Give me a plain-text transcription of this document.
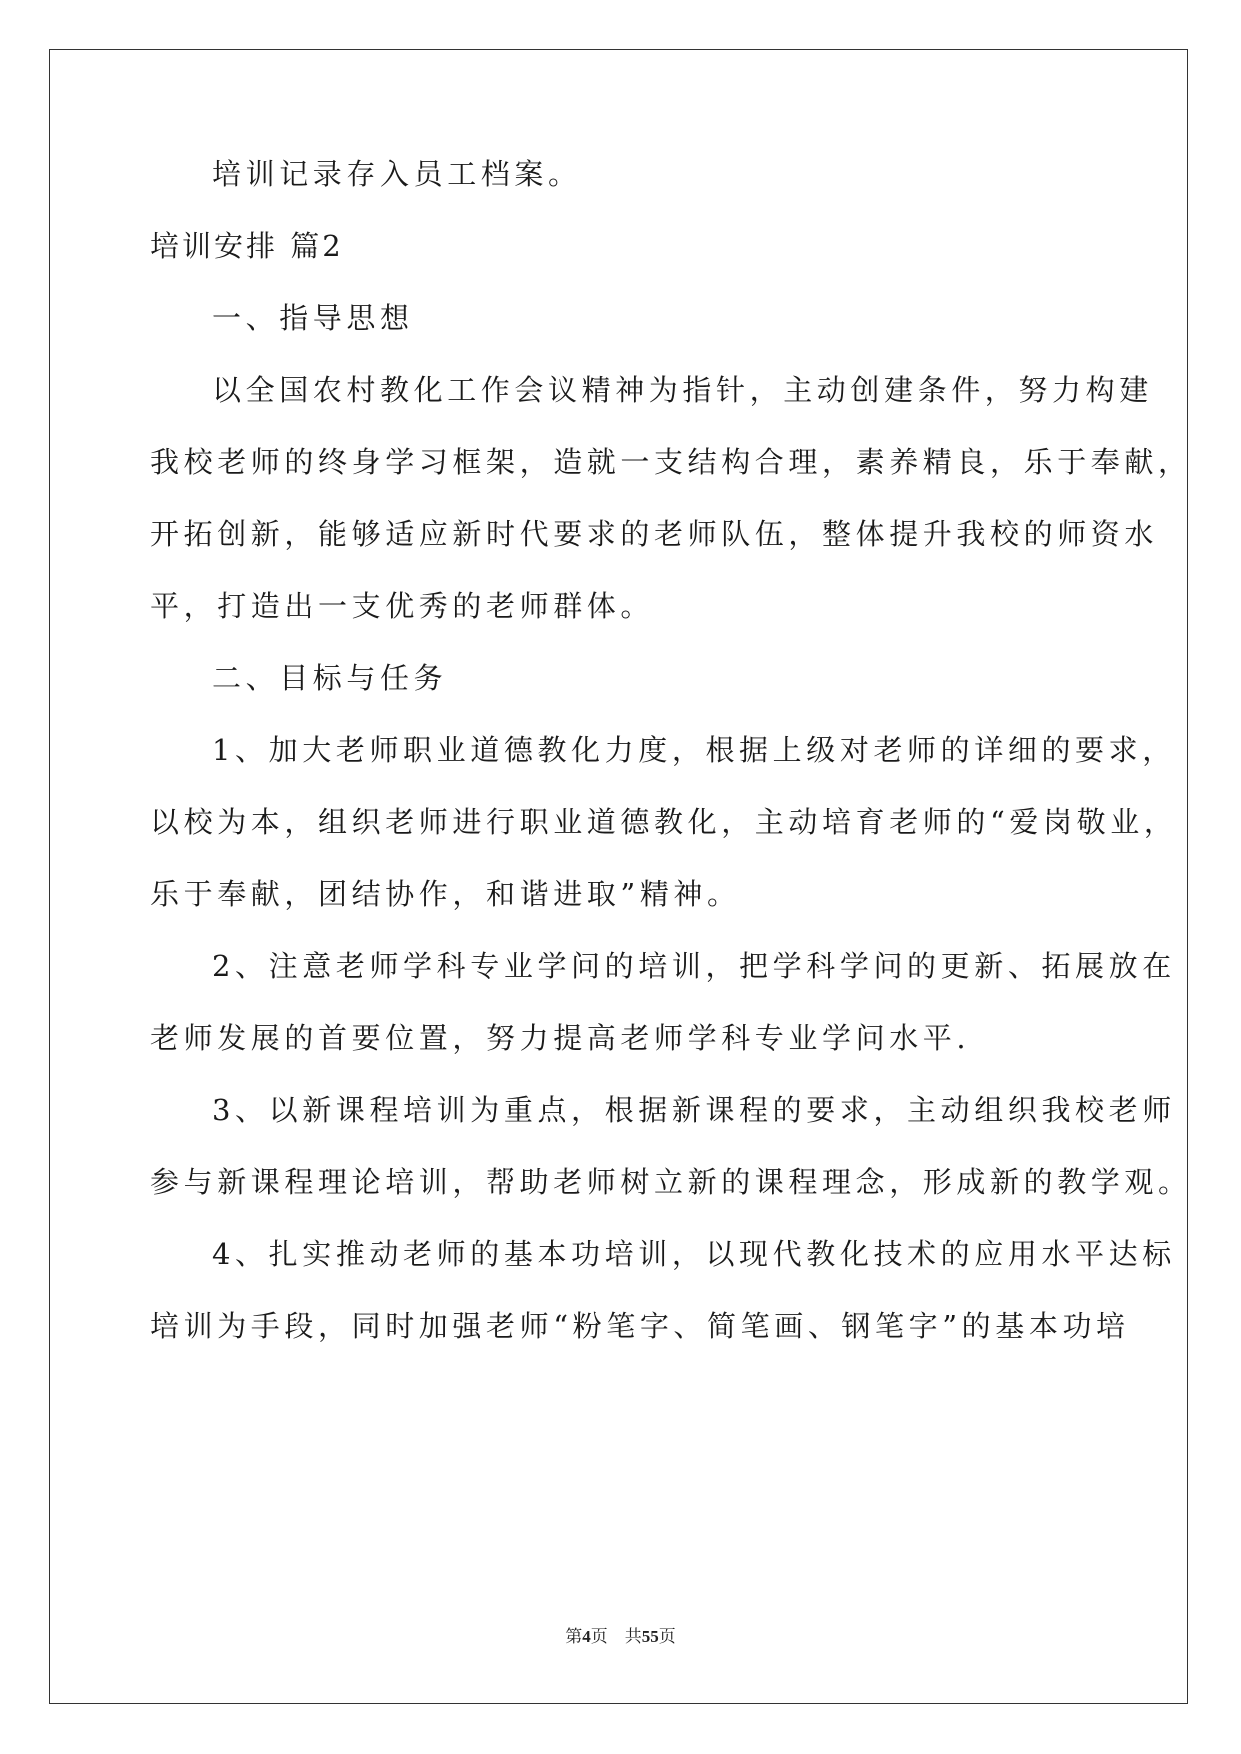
培训记录存入员工档案。

培训安排 篇2

一、指导思想

以全国农村教化工作会议精神为指针，主动创建条件，努力构建

我校老师的终身学习框架，造就一支结构合理，素养精良，乐于奉献，

开拓创新，能够适应新时代要求的老师队伍，整体提升我校的师资水

平，打造出一支优秀的老师群体。

二、目标与任务

1、加大老师职业道德教化力度，根据上级对老师的详细的要求，

以校为本，组织老师进行职业道德教化，主动培育老师的“爱岗敬业，

乐于奉献，团结协作，和谐进取”精神。

2、注意老师学科专业学问的培训，把学科学问的更新、拓展放在

老师发展的首要位置，努力提高老师学科专业学问水平.

3、以新课程培训为重点，根据新课程的要求，主动组织我校老师

参与新课程理论培训，帮助老师树立新的课程理念，形成新的教学观。

4、扎实推动老师的基本功培训，以现代教化技术的应用水平达标

培训为手段，同时加强老师“粉笔字、简笔画、钢笔字”的基本功培

第4页　共55页
